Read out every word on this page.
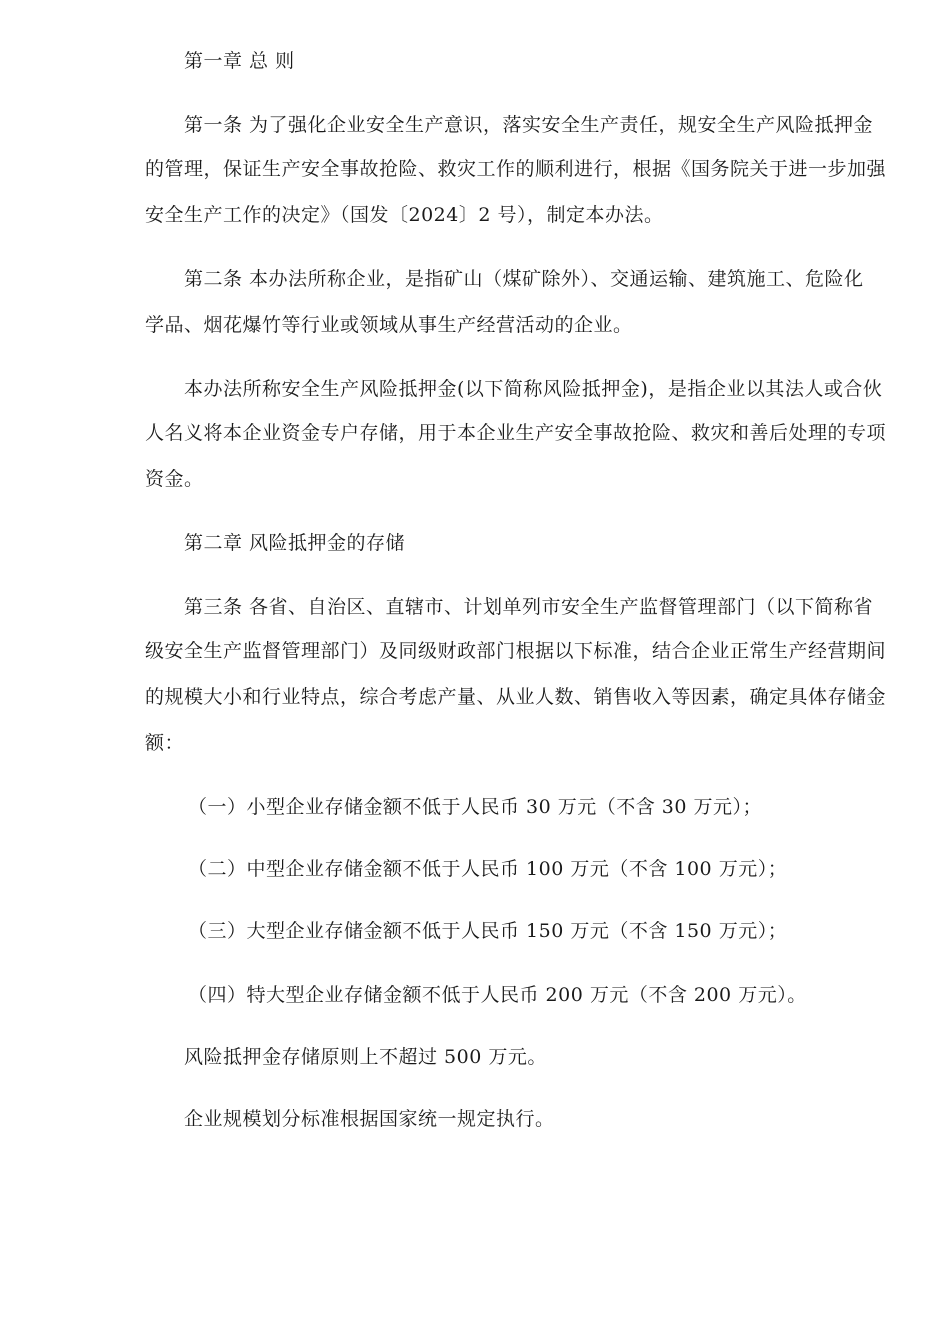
第一章 总 则
第一条 为了强化企业安全生产意识，落实安全生产责任，规安全生产风险抵押金
的管理，保证生产安全事故抢险、救灾工作的顺利进行，根据《国务院关于进一步加强
安全生产工作的决定》（国发〔2024〕2 号），制定本办法。
第二条 本办法所称企业，是指矿山（煤矿除外）、交通运输、建筑施工、危险化
学品、烟花爆竹等行业或领域从事生产经营活动的企业。
本办法所称安全生产风险抵押金(以下简称风险抵押金)，是指企业以其法人或合伙
人名义将本企业资金专户存储，用于本企业生产安全事故抢险、救灾和善后处理的专项
资金。
第二章 风险抵押金的存储
第三条 各省、自治区、直辖市、计划单列市安全生产监督管理部门（以下简称省
级安全生产监督管理部门）及同级财政部门根据以下标准，结合企业正常生产经营期间
的规模大小和行业特点，综合考虑产量、从业人数、销售收入等因素，确定具体存储金
额：
（一）小型企业存储金额不低于人民币 30 万元（不含 30 万元）；
（二）中型企业存储金额不低于人民币 100 万元（不含 100 万元）；
（三）大型企业存储金额不低于人民币 150 万元（不含 150 万元）；
（四）特大型企业存储金额不低于人民币 200 万元（不含 200 万元）。
风险抵押金存储原则上不超过 500 万元。
企业规模划分标准根据国家统一规定执行。
